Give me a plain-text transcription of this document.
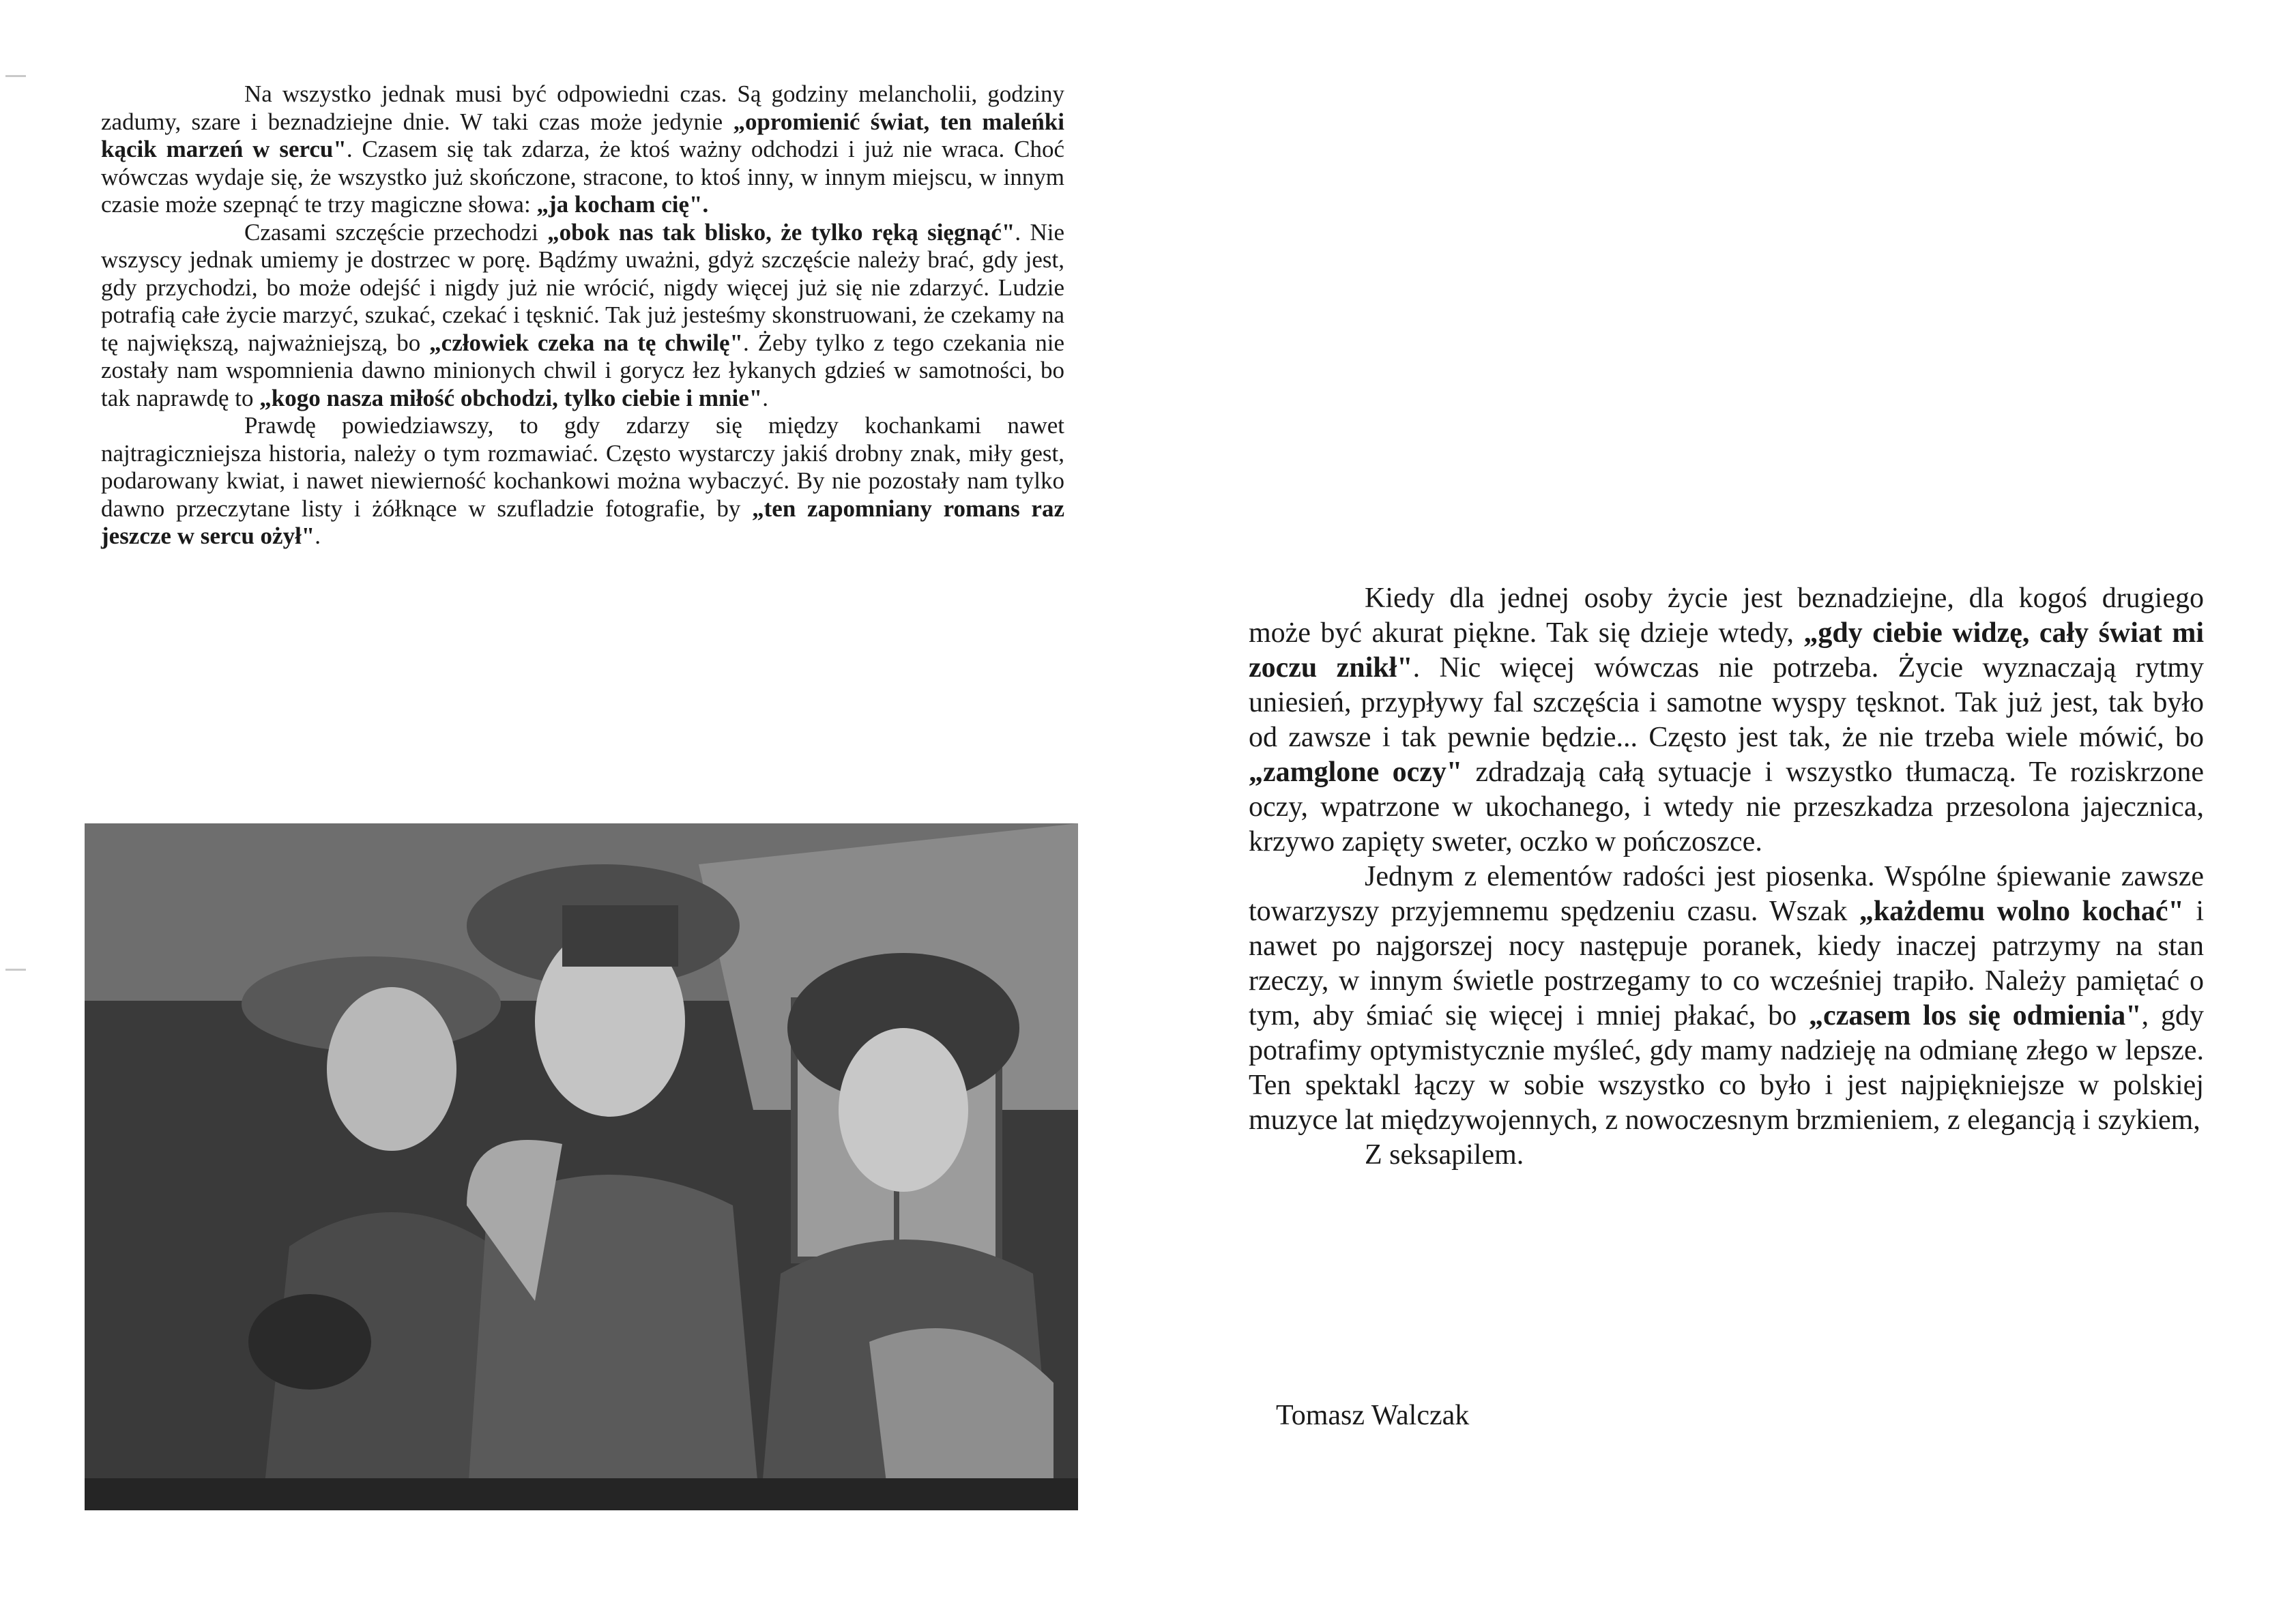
Na wszystko jednak musi być odpowiedni czas. Są godziny melancholii, godziny zadumy, szare i beznadziejne dnie. W taki czas może jedynie „opromienić świat, ten maleńki kącik marzeń w sercu". Czasem się tak zdarza, że ktoś ważny odchodzi i już nie wraca. Choć wówczas wydaje się, że wszystko już skończone, stracone, to ktoś inny, w innym miejscu, w innym czasie może szepnąć te trzy magiczne słowa: „ja kocham cię".

Czasami szczęście przechodzi „obok nas tak blisko, że tylko ręką sięgnąć". Nie wszyscy jednak umiemy je dostrzec w porę. Bądźmy uważni, gdyż szczęście należy brać, gdy jest, gdy przychodzi, bo może odejść i nigdy już nie wrócić, nigdy więcej już się nie zdarzyć. Ludzie potrafią całe życie marzyć, szukać, czekać i tęsknić. Tak już jesteśmy skonstruowani, że czekamy na tę największą, najważniejszą, bo „człowiek czeka na tę chwilę". Żeby tylko z tego czekania nie zostały nam wspomnienia dawno minionych chwil i gorycz łez łykanych gdzieś w samotności, bo tak naprawdę to „kogo nasza miłość obchodzi, tylko ciebie i mnie".

Prawdę powiedziawszy, to gdy zdarzy się między kochankami nawet najtragiczniejsza historia, należy o tym rozmawiać. Często wystarczy jakiś drobny znak, miły gest, podarowany kwiat, i nawet niewierność kochankowi można wybaczyć. By nie pozostały nam tylko dawno przeczytane listy i żółknące w szufladzie fotografie, by „ten zapomniany romans raz jeszcze w sercu ożył".

Kiedy dla jednej osoby życie jest beznadziejne, dla kogoś drugiego może być akurat piękne. Tak się dzieje wtedy, „gdy ciebie widzę, cały świat mi zoczu znikł". Nic więcej wówczas nie potrzeba. Życie wyznaczają rytmy uniesień, przypływy fal szczęścia i samotne wyspy tęsknot. Tak już jest, tak było od zawsze i tak pewnie będzie... Często jest tak, że nie trzeba wiele mówić, bo „zamglone oczy" zdradzają całą sytuacje i wszystko tłumaczą. Te roziskrzone oczy, wpatrzone w ukochanego, i wtedy nie przeszkadza przesolona jajecznica, krzywo zapięty sweter, oczko w pończoszce.

Jednym z elementów radości jest piosenka. Wspólne śpiewanie zawsze towarzyszy przyjemnemu spędzeniu czasu. Wszak „każdemu wolno kochać" i nawet po najgorszej nocy następuje poranek, kiedy inaczej patrzymy na stan rzeczy, w innym świetle postrzegamy to co wcześniej trapiło. Należy pamiętać o tym, aby śmiać się więcej i mniej płakać, bo „czasem los się odmienia", gdy potrafimy optymistycznie myśleć, gdy mamy nadzieję na odmianę złego w lepsze. Ten spektakl łączy w sobie wszystko co było i jest najpiękniejsze w polskiej muzyce lat międzywojennych, z nowoczesnym brzmieniem, z elegancją i szykiem,

Z seksapilem.

Tomasz Walczak
